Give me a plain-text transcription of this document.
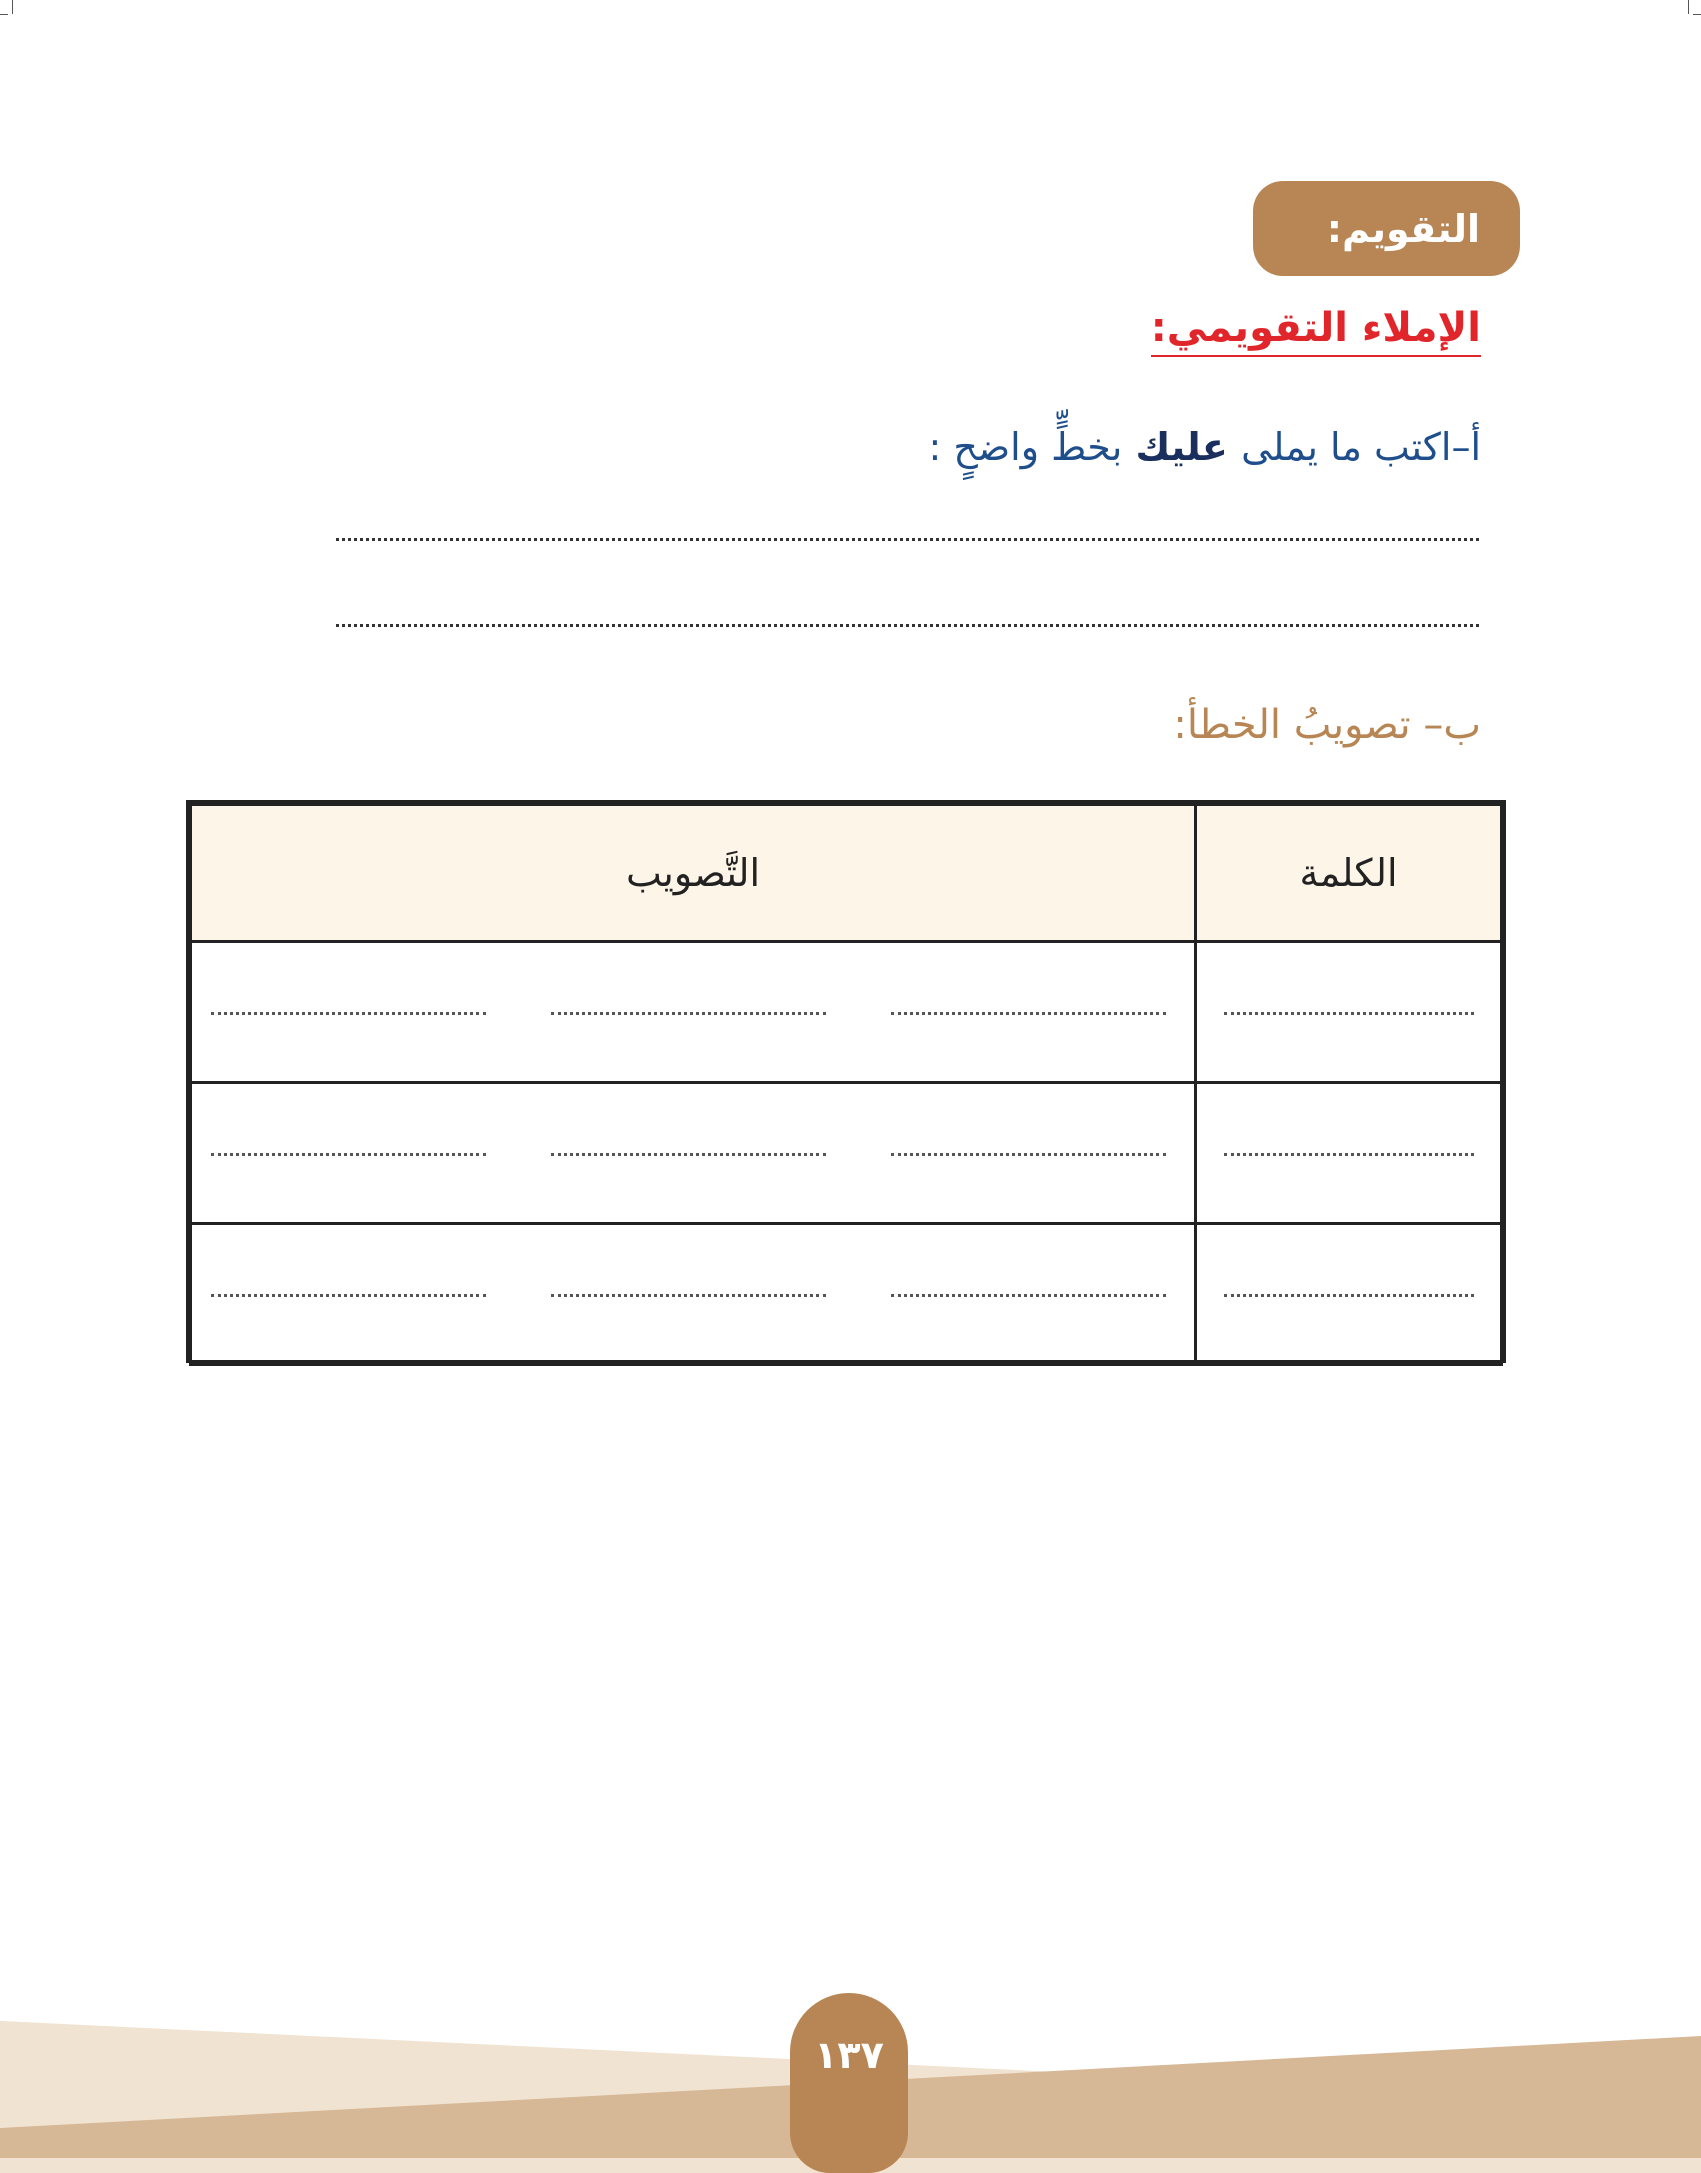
التقويم:
الإملاء التقويمي:
أ–اكتب ما يملى عليك بخطٍّ واضحٍ :
ب– تصويبُ الخطأ:
الكلمة	التَّصويب

١٣٧
